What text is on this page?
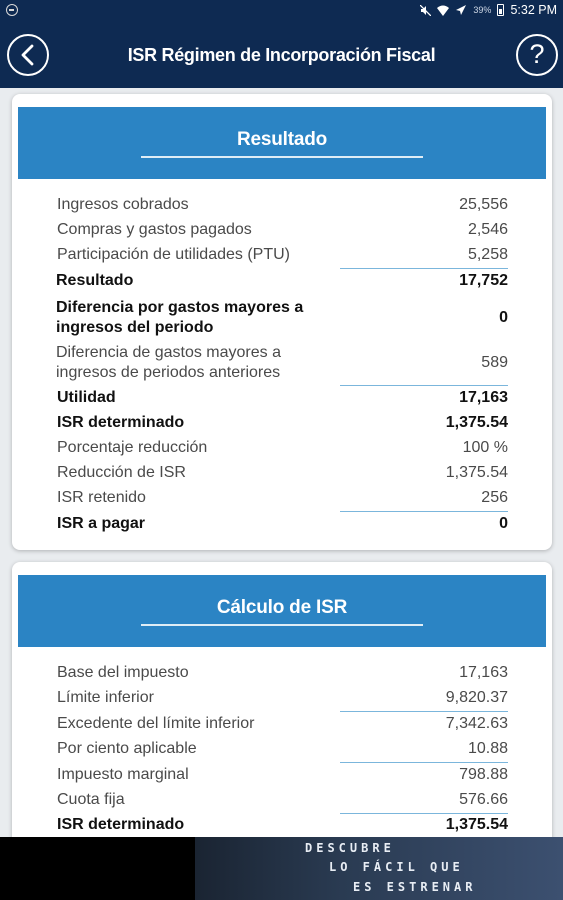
39% 5:32 PM
ISR Régimen de Incorporación Fiscal	?
Resultado
Ingresos cobrados	25,556
Compras y gastos pagados	2,546
Participación de utilidades (PTU)	5,258
Resultado	17,752
Diferencia por gastos mayores a
ingresos del periodo
0
Diferencia de gastos mayores a
ingresos de periodos anteriores
589
Utilidad	17,163
ISR determinado	1,375.54
Porcentaje reducción	100 %
Reducción de ISR	1,375.54
ISR retenido	256
ISR a pagar	0
Cálculo de ISR
Base del impuesto	17,163
Límite inferior	9,820.37
Excedente del límite inferior	7,342.63
Por ciento aplicable	10.88
Impuesto marginal	798.88
Cuota fija	576.66
ISR determinado	1,375.54
DESCUBRE
LO FÁCIL QUE
ES ESTRENAR
